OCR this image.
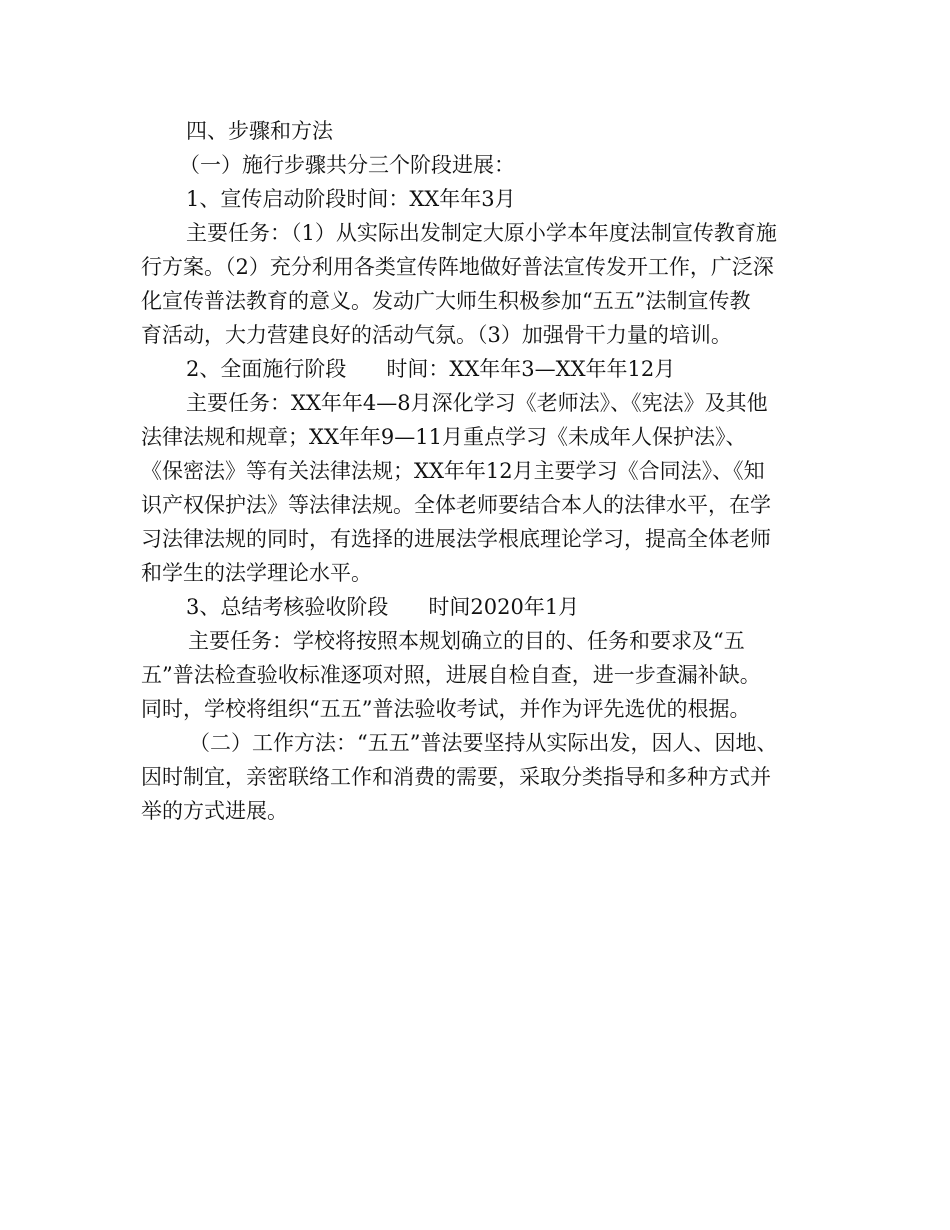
四、步骤和方法
（一）施行步骤共分三个阶段进展：
1、宣传启动阶段时间：XX年年3月
主要任务：（1）从实际出发制定大原小学本年度法制宣传教育施
行方案。（2）充分利用各类宣传阵地做好普法宣传发开工作，广泛深
化宣传普法教育的意义。发动广大师生积极参加“五五”法制宣传教
育活动，大力营建良好的活动气氛。（3）加强骨干力量的培训。
2、全面施行阶段 时间：XX年年3—XX年年12月
主要任务：XX年年4—8月深化学习《老师法》、《宪法》及其他
法律法规和规章；XX年年9—11月重点学习《未成年人保护法》、
《保密法》等有关法律法规；XX年年12月主要学习《合同法》、《知
识产权保护法》等法律法规。全体老师要结合本人的法律水平，在学
习法律法规的同时，有选择的进展法学根底理论学习，提高全体老师
和学生的法学理论水平。
3、总结考核验收阶段 时间2020年1月
主要任务：学校将按照本规划确立的目的、任务和要求及“五
五”普法检查验收标准逐项对照，进展自检自查，进一步查漏补缺。
同时，学校将组织“五五”普法验收考试，并作为评先选优的根据。
（二）工作方法：“五五”普法要坚持从实际出发，因人、因地、
因时制宜，亲密联络工作和消费的需要，采取分类指导和多种方式并
举的方式进展。
